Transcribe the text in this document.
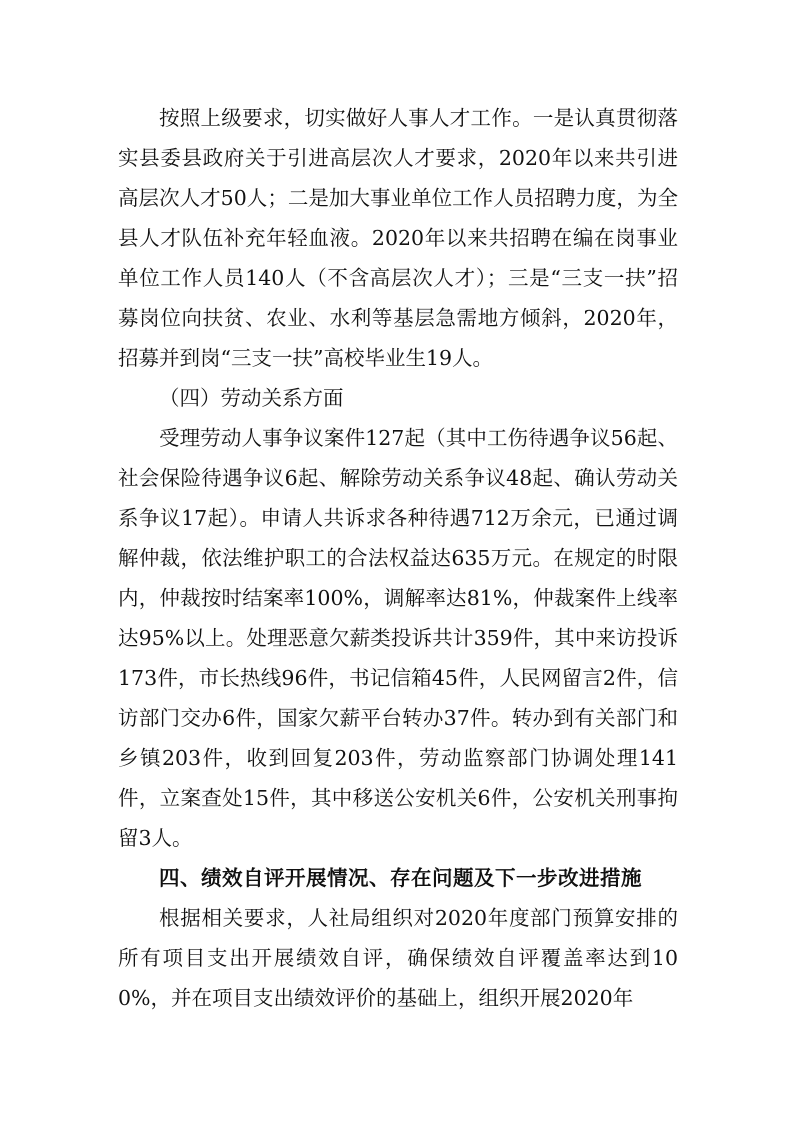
按照上级要求，切实做好人事人才工作。一是认真贯彻落实县委县政府关于引进高层次人才要求，2020年以来共引进高层次人才50人；二是加大事业单位工作人员招聘力度，为全县人才队伍补充年轻血液。2020年以来共招聘在编在岗事业单位工作人员140人（不含高层次人才）；三是“三支一扶”招募岗位向扶贫、农业、水利等基层急需地方倾斜，2020年，招募并到岗“三支一扶”高校毕业生19人。

（四）劳动关系方面

受理劳动人事争议案件127起（其中工伤待遇争议56起、社会保险待遇争议6起、解除劳动关系争议48起、确认劳动关系争议17起）。申请人共诉求各种待遇712万余元，已通过调解仲裁，依法维护职工的合法权益达635万元。在规定的时限内，仲裁按时结案率100%，调解率达81%，仲裁案件上线率达95%以上。处理恶意欠薪类投诉共计359件，其中来访投诉173件，市长热线96件，书记信箱45件，人民网留言2件，信访部门交办6件，国家欠薪平台转办37件。转办到有关部门和乡镇203件，收到回复203件，劳动监察部门协调处理141件，立案查处15件，其中移送公安机关6件，公安机关刑事拘留3人。

四、绩效自评开展情况、存在问题及下一步改进措施

根据相关要求，人社局组织对2020年度部门预算安排的所有项目支出开展绩效自评，确保绩效自评覆盖率达到100%，并在项目支出绩效评价的基础上，组织开展2020年
